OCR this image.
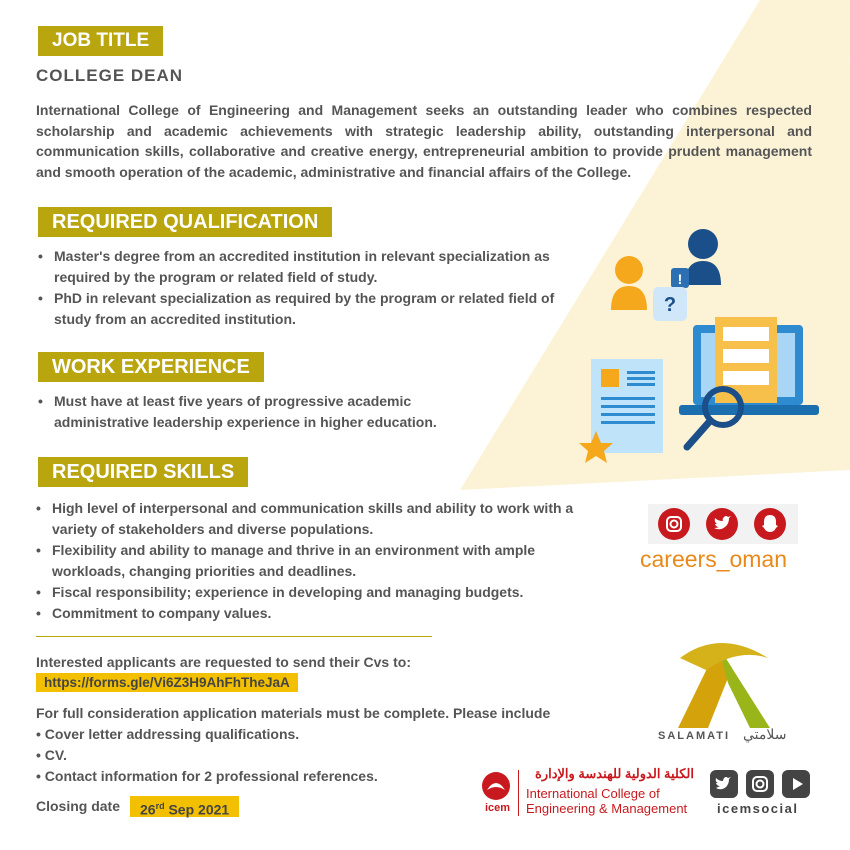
JOB TITLE
COLLEGE DEAN
International College of Engineering and Management seeks an outstanding leader who combines respected scholarship and academic achievements with strategic leadership ability, outstanding interpersonal and communication skills, collaborative and creative energy, entrepreneurial ambition to provide prudent management and smooth operation of the academic, administrative and financial affairs of the College.
REQUIRED QUALIFICATION
• Master's degree from an accredited institution in relevant specialization as required by the program or related field of study.
• PhD in relevant specialization as required by the program or related field of study from an accredited institution.
WORK EXPERIENCE
• Must have at least five years of progressive academic administrative leadership experience in higher education.
REQUIRED SKILLS
• High level of interpersonal and communication skills and ability to work with a variety of stakeholders and diverse populations.
• Flexibility and ability to manage and thrive in an environment with ample workloads, changing priorities and deadlines.
• Fiscal responsibility; experience in developing and managing budgets.
• Commitment to company values.
Interested applicants are requested to send their Cvs to:
https://forms.gle/Vi6Z3H9AhFhTheJaA
For full consideration application materials must be complete. Please include
• Cover letter addressing qualifications.
• CV.
• Contact information for 2 professional references.
Closing date	26rd Sep 2021
!
?
careers_oman
SALAMATI سلامتي
icem
الكلية الدولية للهندسة والإدارة
International College of
Engineering & Management icemsocial
